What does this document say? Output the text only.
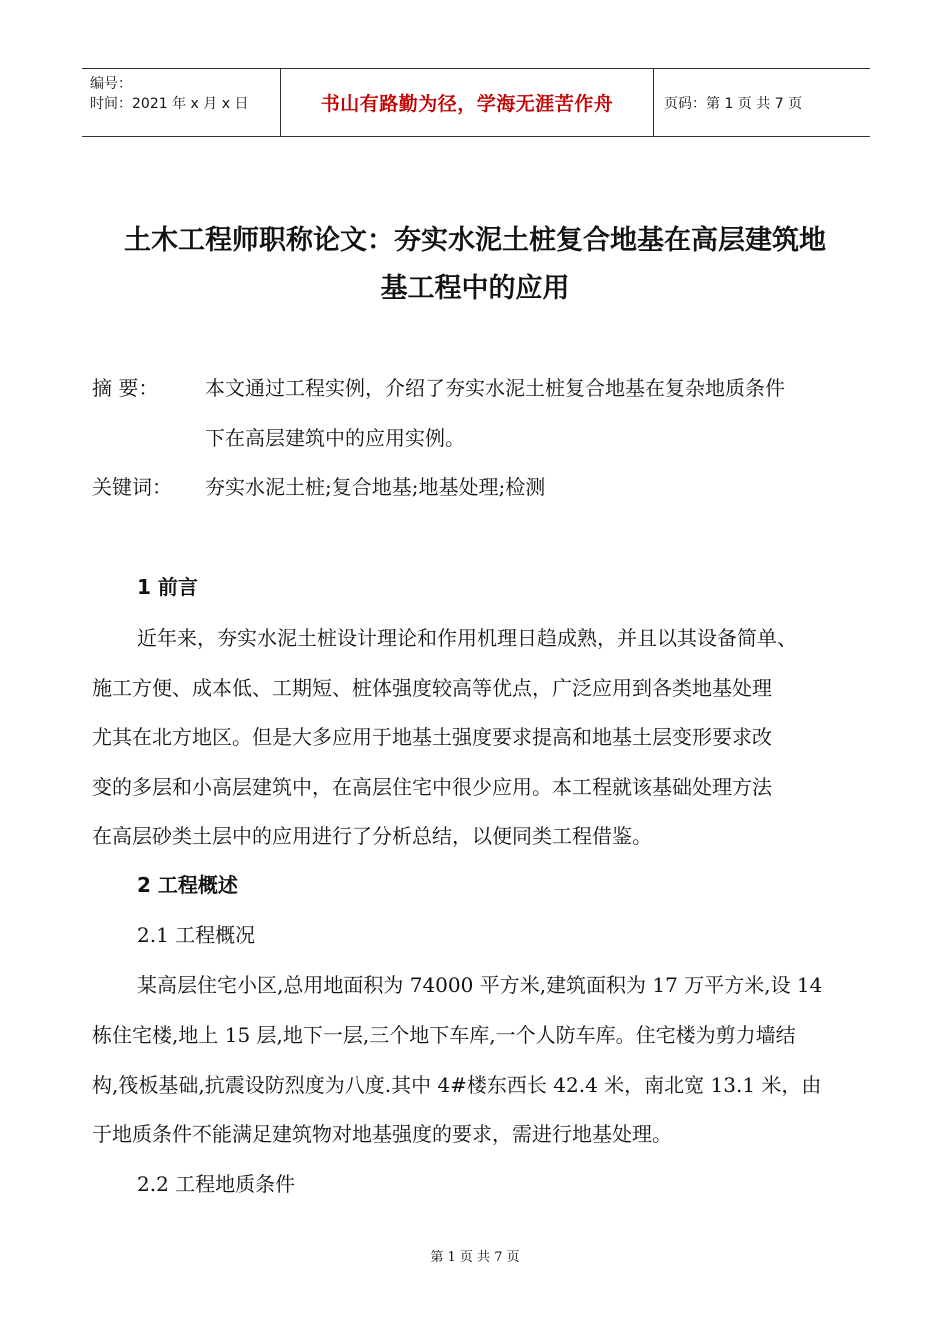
编号：
时间：2021 年 x 月 x 日	书山有路勤为径，学海无涯苦作舟	页码：第 1 页 共 7 页
土木工程师职称论文：夯实水泥土桩复合地基在高层建筑地
基工程中的应用
摘 要： 本文通过工程实例，介绍了夯实水泥土桩复合地基在复杂地质条件
下在高层建筑中的应用实例。
关键词： 夯实水泥土桩;复合地基;地基处理;检测
1 前言
近年来，夯实水泥土桩设计理论和作用机理日趋成熟，并且以其设备简单、
施工方便、成本低、工期短、桩体强度较高等优点，广泛应用到各类地基处理
尤其在北方地区。但是大多应用于地基土强度要求提高和地基土层变形要求改
变的多层和小高层建筑中，在高层住宅中很少应用。本工程就该基础处理方法
在高层砂类土层中的应用进行了分析总结，以便同类工程借鉴。
2 工程概述
2.1 工程概况
某高层住宅小区,总用地面积为 74000 平方米,建筑面积为 17 万平方米,设 14
栋住宅楼,地上 15 层,地下一层,三个地下车库,一个人防车库。住宅楼为剪力墙结
构,筏板基础,抗震设防烈度为八度.其中 4#楼东西长 42.4 米，南北宽 13.1 米，由
于地质条件不能满足建筑物对地基强度的要求，需进行地基处理。
2.2 工程地质条件
第 1 页 共 7 页
